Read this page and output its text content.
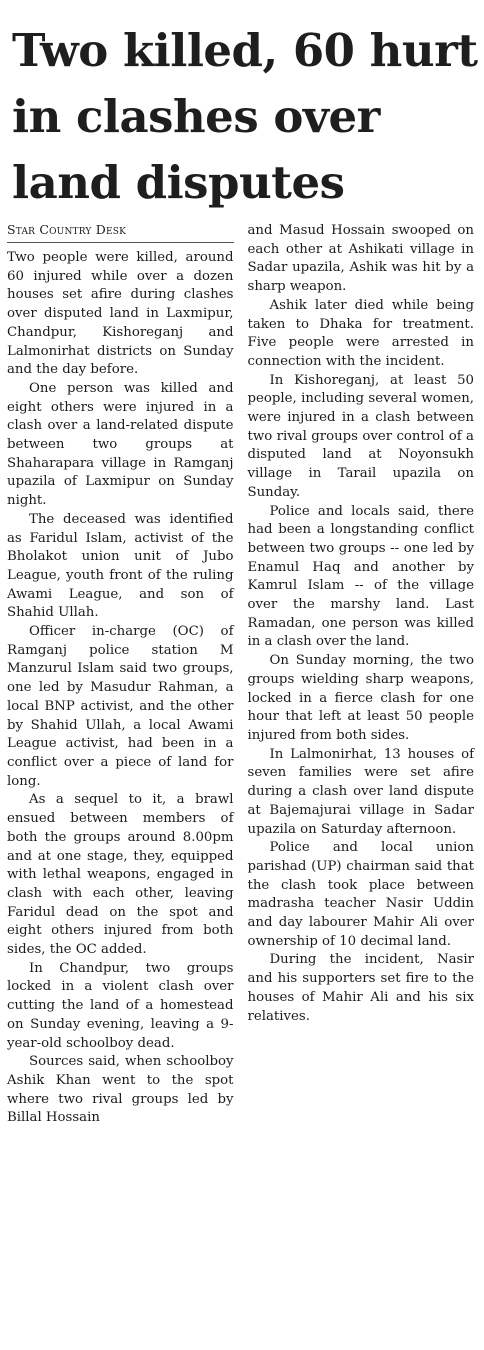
Two killed, 60 hurt
in clashes over
land disputes
Star Country Desk

Two people were killed, around 60 injured while over a dozen houses set afire during clashes over disputed land in Laxmipur, Chandpur, Kishoreganj and Lalmonirhat districts on Sunday and the day before.

One person was killed and eight others were injured in a clash over a land-related dispute between two groups at Shaharapara village in Ramganj upazila of Laxmipur on Sunday night.

The deceased was identified as Faridul Islam, activist of the Bholakot union unit of Jubo League, youth front of the ruling Awami League, and son of Shahid Ullah.

Officer in-charge (OC) of Ramganj police station M Manzurul Islam said two groups, one led by Masudur Rahman, a local BNP activist, and the other by Shahid Ullah, a local Awami League activist, had been in a conflict over a piece of land for long.

As a sequel to it, a brawl ensued between members of both the groups around 8.00pm and at one stage, they, equipped with lethal weapons, engaged in clash with each other, leaving Faridul dead on the spot and eight others injured from both sides, the OC added.

In Chandpur, two groups locked in a violent clash over cutting the land of a homestead on Sunday evening, leaving a 9-year-old schoolboy dead.

Sources said, when schoolboy Ashik Khan went to the spot where two rival groups led by Billal Hossain

and Masud Hossain swooped on each other at Ashikati village in Sadar upazila, Ashik was hit by a sharp weapon.

Ashik later died while being taken to Dhaka for treatment. Five people were arrested in connection with the incident.

In Kishoreganj, at least 50 people, including several women, were injured in a clash between two rival groups over control of a disputed land at Noyonsukh village in Tarail upazila on Sunday.

Police and locals said, there had been a longstanding conflict between two groups -- one led by Enamul Haq and another by Kamrul Islam -- of the village over the marshy land. Last Ramadan, one person was killed in a clash over the land.

On Sunday morning, the two groups wielding sharp weapons, locked in a fierce clash for one hour that left at least 50 people injured from both sides.

In Lalmonirhat, 13 houses of seven families were set afire during a clash over land dispute at Bajemajurai village in Sadar upazila on Saturday afternoon.

Police and local union parishad (UP) chairman said that the clash took place between madrasha teacher Nasir Uddin and day labourer Mahir Ali over ownership of 10 decimal land.

During the incident, Nasir and his supporters set fire to the houses of Mahir Ali and his six relatives.
